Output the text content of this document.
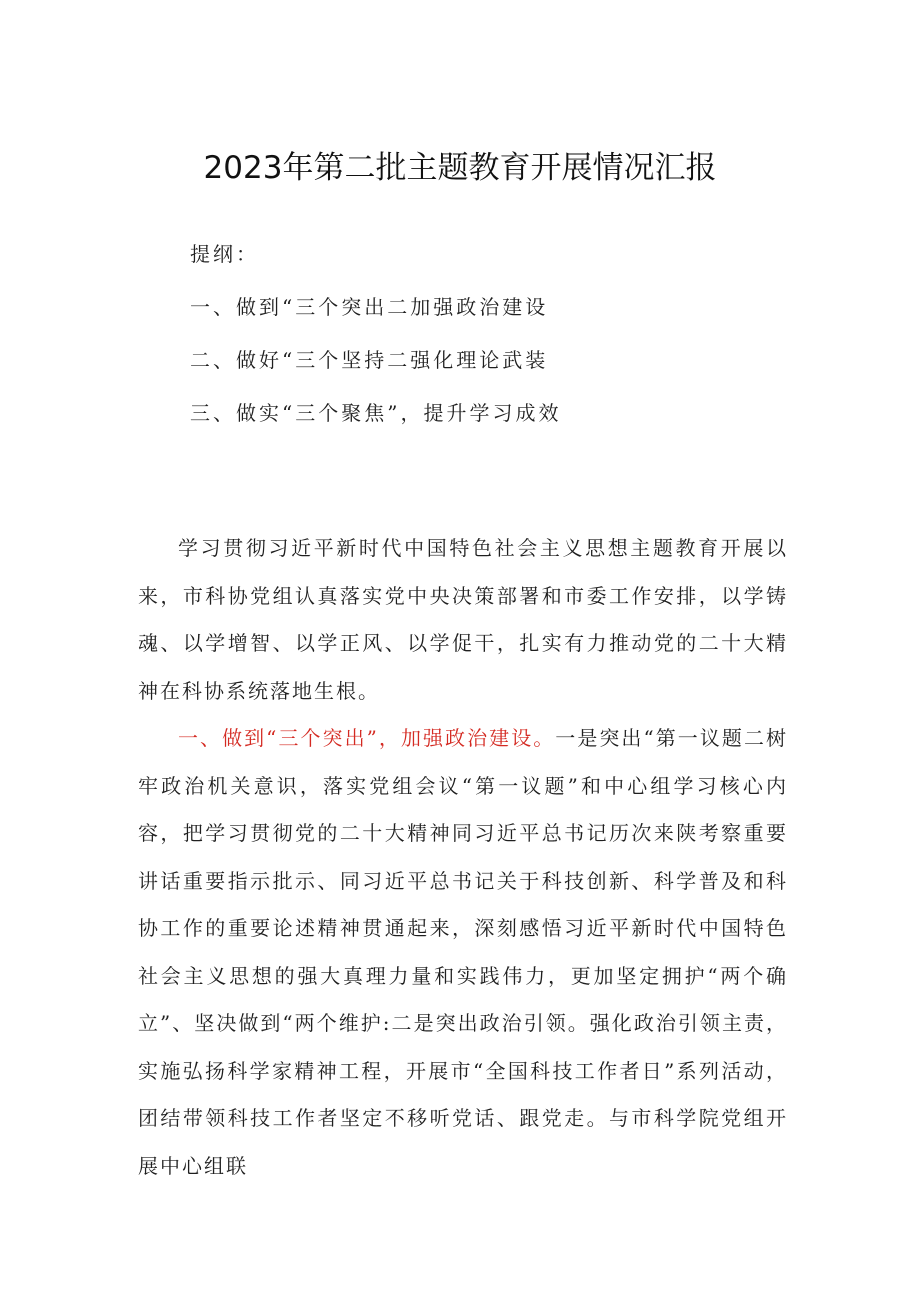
2023年第二批主题教育开展情况汇报
提纲：
一、做到“三个突出二加强政治建设
二、做好“三个坚持二强化理论武装
三、做实“三个聚焦”，提升学习成效

学习贯彻习近平新时代中国特色社会主义思想主题教育开展以来，市科协党组认真落实党中央决策部署和市委工作安排，以学铸魂、以学增智、以学正风、以学促干，扎实有力推动党的二十大精神在科协系统落地生根。

一、做到“三个突出”，加强政治建设。一是突出“第一议题二树牢政治机关意识，落实党组会议“第一议题”和中心组学习核心内容，把学习贯彻党的二十大精神同习近平总书记历次来陕考察重要讲话重要指示批示、同习近平总书记关于科技创新、科学普及和科协工作的重要论述精神贯通起来，深刻感悟习近平新时代中国特色社会主义思想的强大真理力量和实践伟力，更加坚定拥护“两个确立”、坚决做到“两个维护:二是突出政治引领。强化政治引领主责，实施弘扬科学家精神工程，开展市“全国科技工作者日”系列活动，团结带领科技工作者坚定不移听党话、跟党走。与市科学院党组开展中心组联
